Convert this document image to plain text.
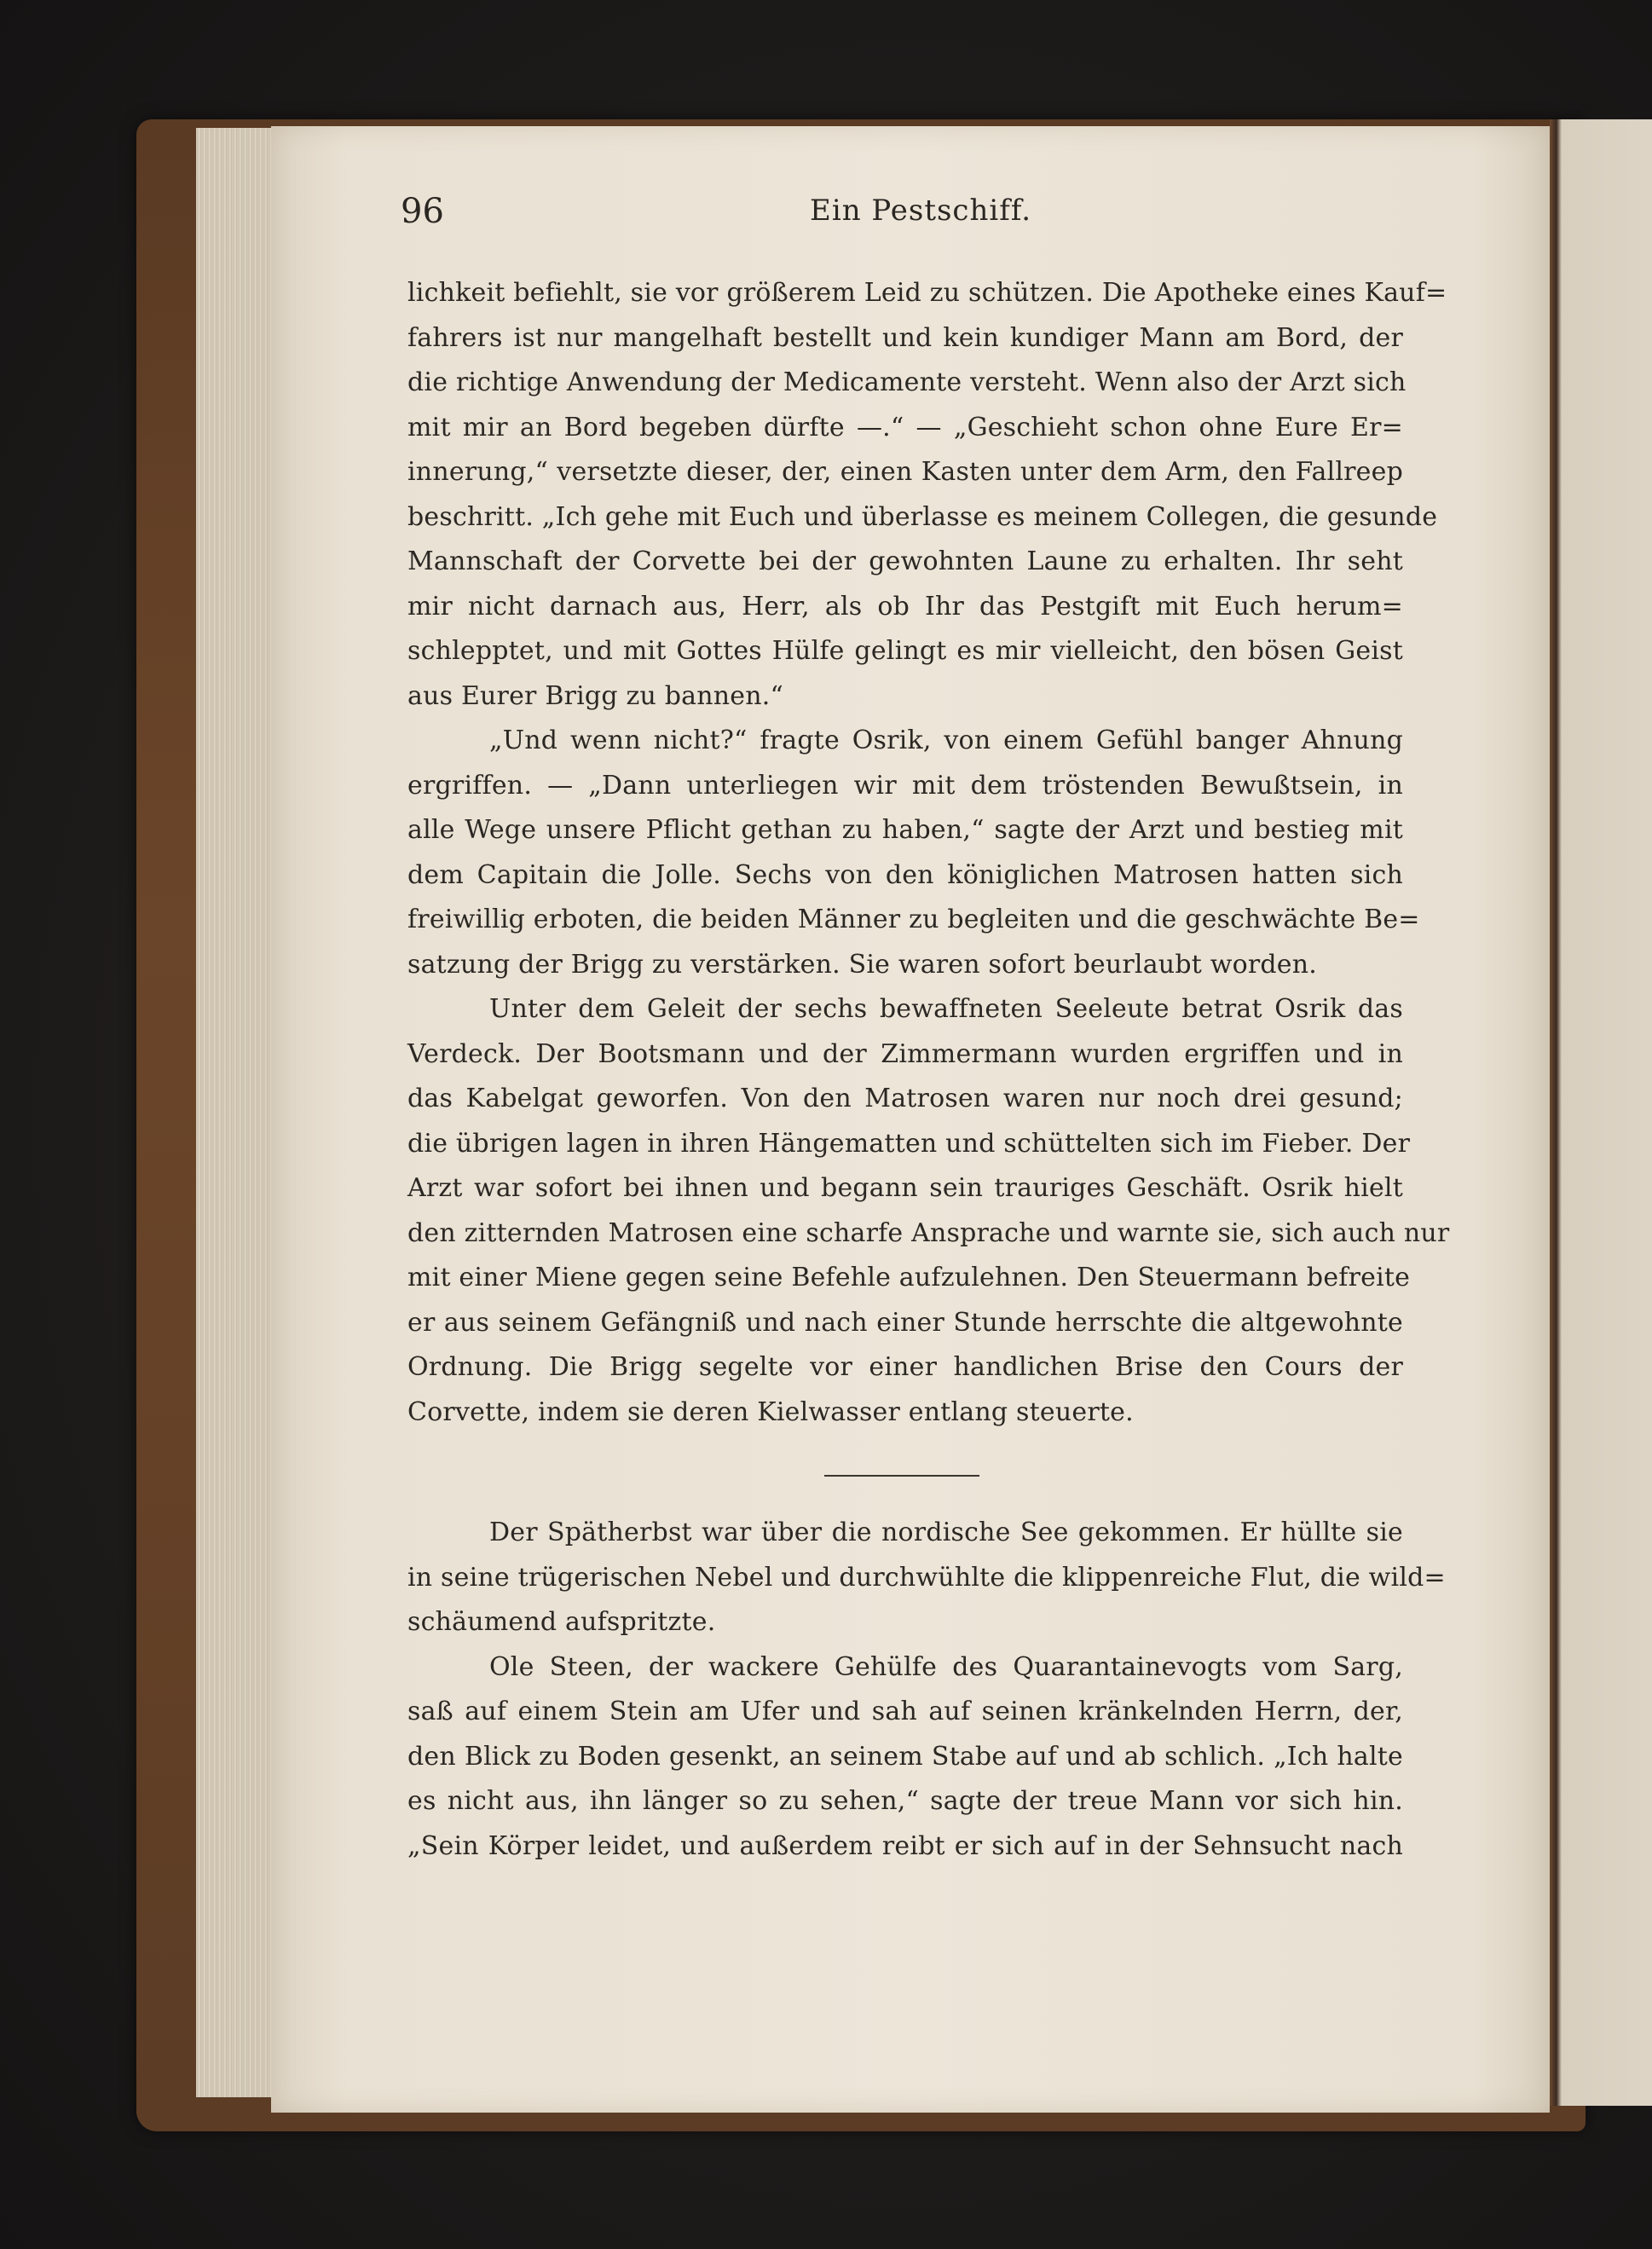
96	Ein Pestschiff.
lichkeit befiehlt, sie vor größerem Leid zu schützen. Die Apotheke eines Kauf=
fahrers ist nur mangelhaft bestellt und kein kundiger Mann am Bord, der
die richtige Anwendung der Medicamente versteht. Wenn also der Arzt sich
mit mir an Bord begeben dürfte —.“ — „Geschieht schon ohne Eure Er=
innerung,“ versetzte dieser, der, einen Kasten unter dem Arm, den Fallreep
beschritt. „Ich gehe mit Euch und überlasse es meinem Collegen, die gesunde
Mannschaft der Corvette bei der gewohnten Laune zu erhalten. Ihr seht
mir nicht darnach aus, Herr, als ob Ihr das Pestgift mit Euch herum=
schlepptet, und mit Gottes Hülfe gelingt es mir vielleicht, den bösen Geist
aus Eurer Brigg zu bannen.“
„Und wenn nicht?“ fragte Osrik, von einem Gefühl banger Ahnung
ergriffen. — „Dann unterliegen wir mit dem tröstenden Bewußtsein, in
alle Wege unsere Pflicht gethan zu haben,“ sagte der Arzt und bestieg mit
dem Capitain die Jolle. Sechs von den königlichen Matrosen hatten sich
freiwillig erboten, die beiden Männer zu begleiten und die geschwächte Be=
satzung der Brigg zu verstärken. Sie waren sofort beurlaubt worden.
Unter dem Geleit der sechs bewaffneten Seeleute betrat Osrik das
Verdeck. Der Bootsmann und der Zimmermann wurden ergriffen und in
das Kabelgat geworfen. Von den Matrosen waren nur noch drei gesund;
die übrigen lagen in ihren Hängematten und schüttelten sich im Fieber. Der
Arzt war sofort bei ihnen und begann sein trauriges Geschäft. Osrik hielt
den zitternden Matrosen eine scharfe Ansprache und warnte sie, sich auch nur
mit einer Miene gegen seine Befehle aufzulehnen. Den Steuermann befreite
er aus seinem Gefängniß und nach einer Stunde herrschte die altgewohnte
Ordnung. Die Brigg segelte vor einer handlichen Brise den Cours der
Corvette, indem sie deren Kielwasser entlang steuerte.
Der Spätherbst war über die nordische See gekommen. Er hüllte sie
in seine trügerischen Nebel und durchwühlte die klippenreiche Flut, die wild=
schäumend aufspritzte.
Ole Steen, der wackere Gehülfe des Quarantainevogts vom Sarg,
saß auf einem Stein am Ufer und sah auf seinen kränkelnden Herrn, der,
den Blick zu Boden gesenkt, an seinem Stabe auf und ab schlich. „Ich halte
es nicht aus, ihn länger so zu sehen,“ sagte der treue Mann vor sich hin.
„Sein Körper leidet, und außerdem reibt er sich auf in der Sehnsucht nach
